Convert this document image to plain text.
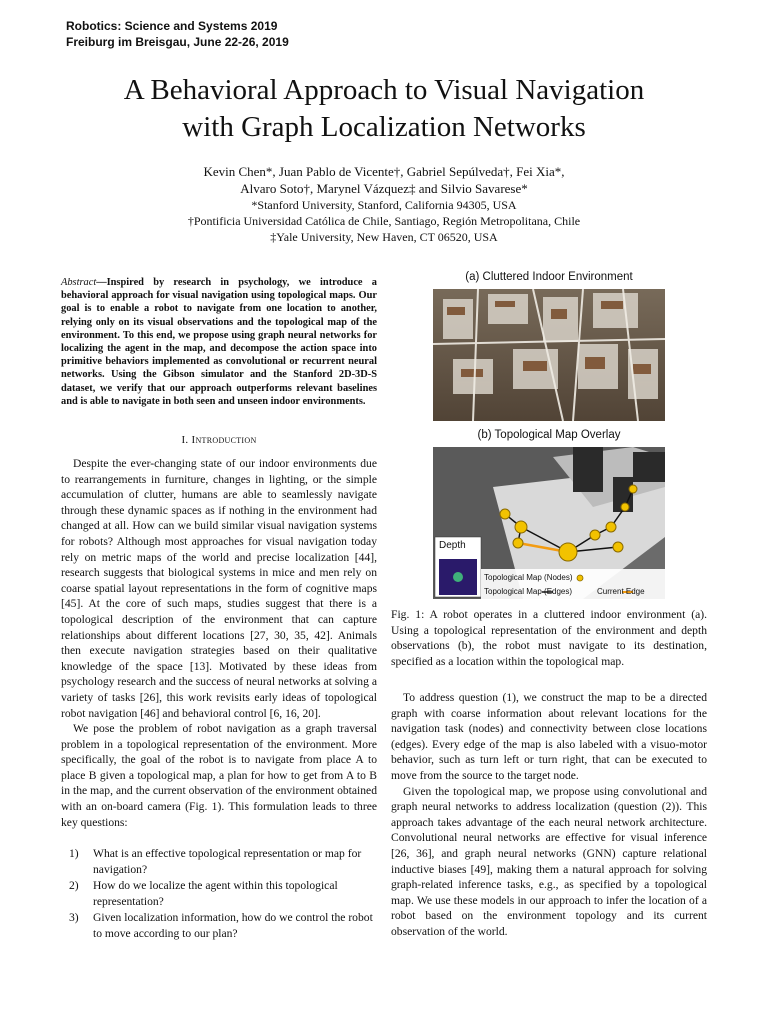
Robotics: Science and Systems 2019
Freiburg im Breisgau, June 22-26, 2019
A Behavioral Approach to Visual Navigation
with Graph Localization Networks
Kevin Chen*, Juan Pablo de Vicente†, Gabriel Sepúlveda†, Fei Xia*,
Alvaro Soto†, Marynel Vázquez‡ and Silvio Savarese*
*Stanford University, Stanford, California 94305, USA
†Pontificia Universidad Católica de Chile, Santiago, Región Metropolitana, Chile
‡Yale University, New Haven, CT 06520, USA
Abstract—Inspired by research in psychology, we introduce a behavioral approach for visual navigation using topological maps. Our goal is to enable a robot to navigate from one location to another, relying only on its visual observations and the topological map of the environment. To this end, we propose using graph neural networks for localizing the agent in the map, and decompose the action space into primitive behaviors implemented as convolutional or recurrent neural networks. Using the Gibson simulator and the Stanford 2D-3D-S dataset, we verify that our approach outperforms relevant baselines and is able to navigate in both seen and unseen indoor environments.
I. Introduction

Despite the ever-changing state of our indoor environments due to rearrangements in furniture, changes in lighting, or the simple accumulation of clutter, humans are able to seamlessly navigate through these dynamic spaces as if nothing in the environment had changed at all. How can we build similar visual navigation systems for robots? Although most approaches for visual navigation today rely on metric maps of the world and precise localization [44], research suggests that biological systems in mice and men rely on coarse spatial layout representations in the form of cognitive maps [45]. At the core of such maps, studies suggest that there is a topological description of the environment that can capture relationships about different locations [27, 30, 35, 42]. Animals then execute navigation strategies based on their qualitative knowledge of the space [13]. Motivated by these ideas from psychology research and the success of neural networks at solving a variety of tasks [26], this work revisits early ideas of topological robot navigation [46] and behavioral control [6, 16, 20].

We pose the problem of robot navigation as a graph traversal problem in a topological representation of the environment. More specifically, the goal of the robot is to navigate from place A to place B given a topological map, a plan for how to get from A to B in the map, and the current observation of the environment obtained with an on-board camera (Fig. 1). This formulation leads to three key questions:

1)	What is an effective topological representation or map for navigation?
2)	How do we localize the agent within this topological representation?
3)	Given localization information, how do we control the robot to move according to our plan?
(a) Cluttered Indoor Environment
(b) Topological Map Overlay
Depth
Topological Map (Nodes)
Topological Map (Edges)	Current Edge
Fig. 1: A robot operates in a cluttered indoor environment (a). Using a topological representation of the environment and depth observations (b), the robot must navigate to its destination, specified as a location within the topological map.

To address question (1), we construct the map to be a directed graph with coarse information about relevant locations for the navigation task (nodes) and connectivity between close locations (edges). Every edge of the map is also labeled with a visuo-motor behavior, such as turn left or turn right, that can be executed to move from the source to the target node.

Given the topological map, we propose using convolutional and graph neural networks to address localization (question (2)). This approach takes advantage of the each neural network architecture. Convolutional neural networks are effective for visual inference [26, 36], and graph neural networks (GNN) capture relational inductive biases [49], making them a natural approach for solving graph-related inference tasks, e.g., as specified by a topological map. We use these models in our approach to infer the location of a robot based on the environment topology and its current observation of the world.
